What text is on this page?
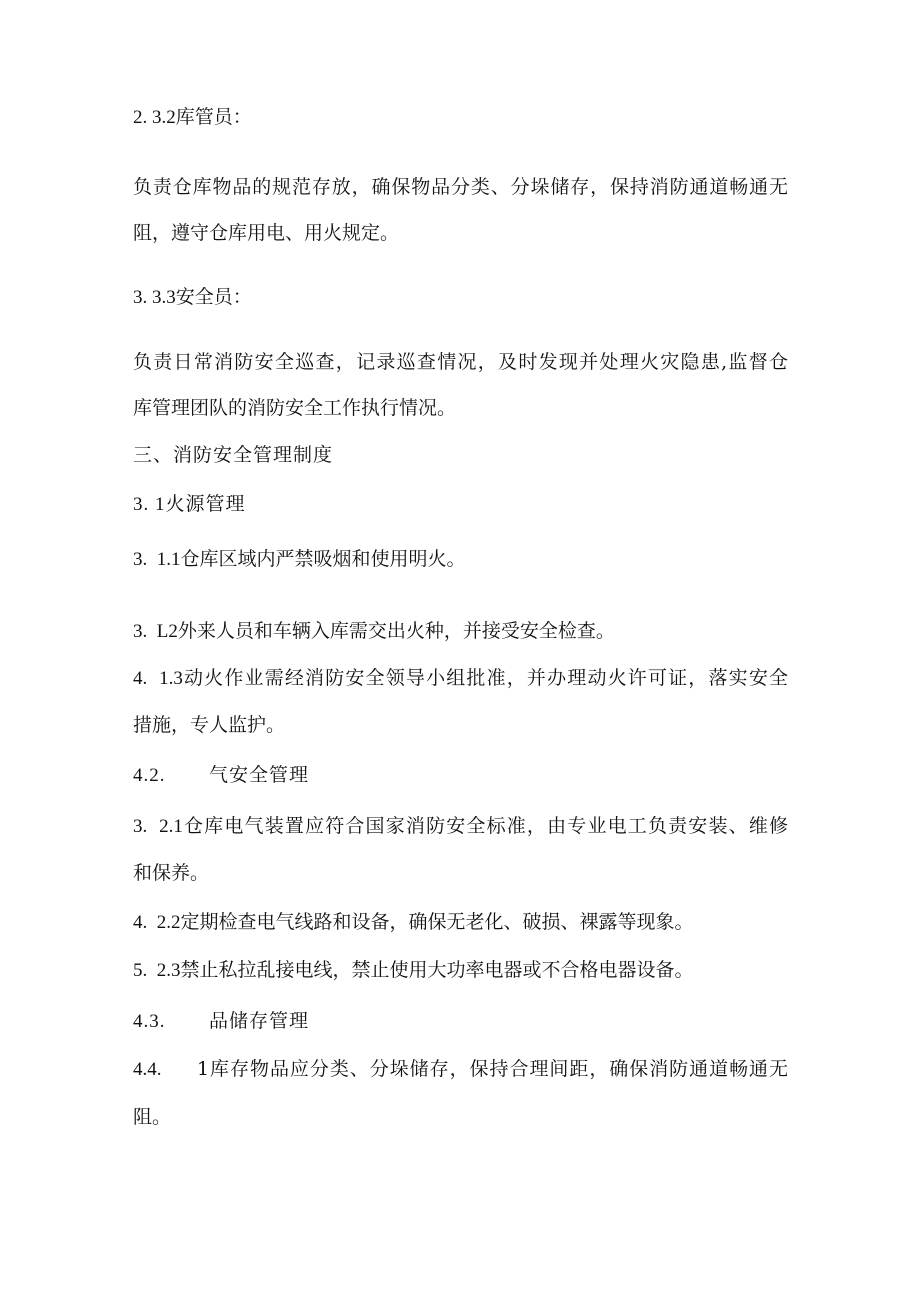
2. 3.2库管员：
负责仓库物品的规范存放，确保物品分类、分垛储存，保持消防通道畅通无
阻，遵守仓库用电、用火规定。
3. 3.3安全员：
负责日常消防安全巡查，记录巡查情况，及时发现并处理火灾隐患,监督仓
库管理团队的消防安全工作执行情况。
三、消防安全管理制度
3. 1火源管理
3.  1.1仓库区域内严禁吸烟和使用明火。
3.  L2外来人员和车辆入库需交出火种，并接受安全检查。
4.  1.3动火作业需经消防安全领导小组批准，并办理动火许可证，落实安全
措施，专人监护。
4.2. 气安全管理
3.  2.1仓库电气装置应符合国家消防安全标准，由专业电工负责安装、维修
和保养。
4.  2.2定期检查电气线路和设备，确保无老化、破损、裸露等现象。
5.  2.3禁止私拉乱接电线，禁止使用大功率电器或不合格电器设备。
4.3. 品储存管理
4.4. 1库存物品应分类、分垛储存，保持合理间距，确保消防通道畅通无
阻。
